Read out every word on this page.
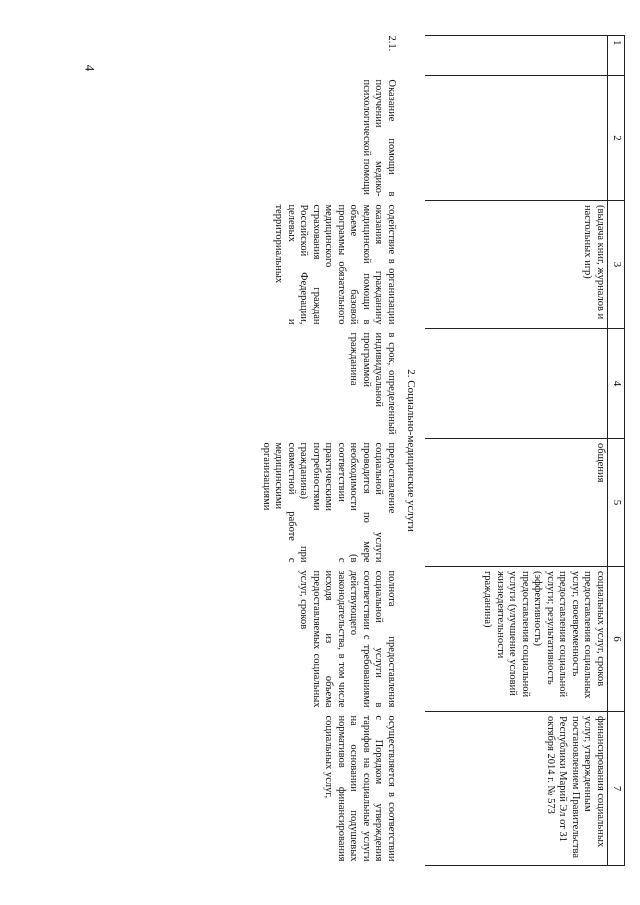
4
1	2	3	4	5	6	7
		(выдача книг, журналов и настольных игр)		общения	социальных услуг, сроков предоставления социальных услуг, своевременность предоставления социальной услуги; результативность (эффективность) предоставления социальной услуги (улучшение условий жизнедеятельности гражданина)	финансирования социальных услуг, утвержденным постановлением Правительства Республики Марий Эл от 31 октября 2014 г. № 573
2. Социально-медицинские услуги						
2.1.	Оказание помощи в получении медико-психологической помощи	содействие в организации оказания гражданину медицинской помощи в объеме базовой программы обязательного медицинского страхования граждан Российской Федерации, целевых и территориальных	в срок, определенный индивидуальной программой гражданина	предоставление социальной услуги проводится по мере необходимости (в соответствии с практическими потребностями гражданина) при совместной работе с медицинскими организациями	полнота предоставления социальной услуги в соответствии с требованиями действующего законодательства, в том числе исходя из объема предоставляемых социальных услуг, сроков	осуществляется в соответствии с Порядком утверждения тарифов на социальные услуги на основании подушевых нормативов финансирования социальных услуг,
